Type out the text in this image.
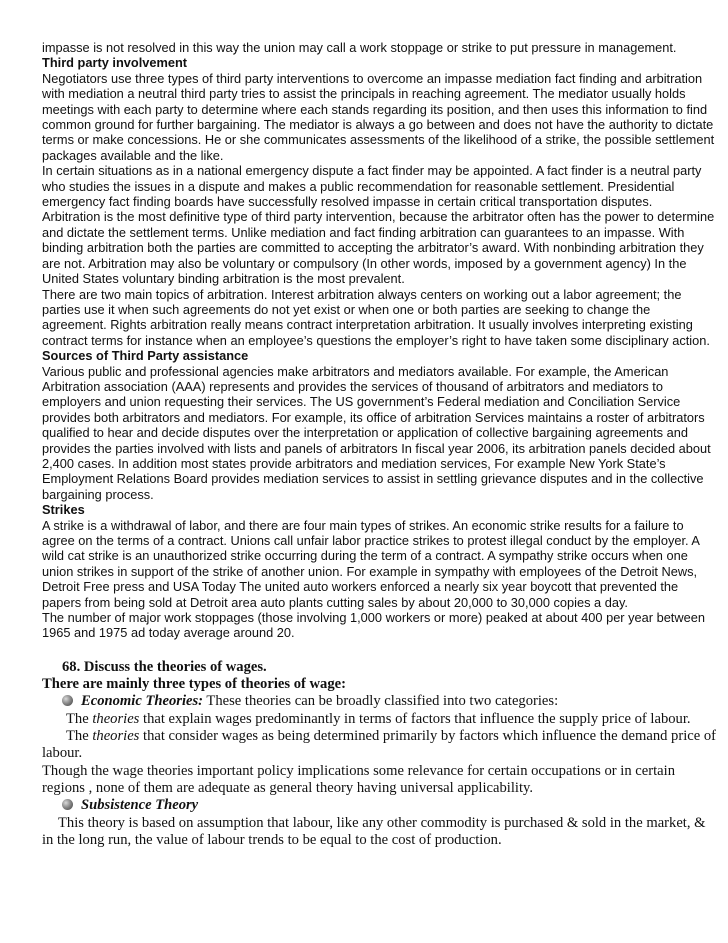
impasse is not resolved in this way the union may call a work stoppage or strike to put pressure in management.

Third party involvement

Negotiators use three types of third party interventions to overcome an impasse mediation fact finding and arbitration with mediation a neutral third party tries to assist the principals in reaching agreement. The mediator usually holds meetings with each party to determine where each stands regarding its position, and then uses this information to find common ground for further bargaining. The mediator is always a go between and does not have the authority to dictate terms or make concessions. He or she communicates assessments of the likelihood of a strike, the possible settlement packages available and the like.

In certain situations as in a national emergency dispute a fact finder may be appointed. A fact finder is a neutral party who studies the issues in a dispute and makes a public recommendation for reasonable settlement. Presidential emergency fact finding boards have successfully resolved impasse in certain critical transportation disputes.

Arbitration is the most definitive type of third party intervention, because the arbitrator often has the power to determine and dictate the settlement terms. Unlike mediation and fact finding arbitration can guarantees to an impasse. With binding arbitration both the parties are committed to accepting the arbitrator’s award. With nonbinding arbitration they are not. Arbitration may also be voluntary or compulsory (In other words, imposed by a government agency) In the United States voluntary binding arbitration is the most prevalent.

There are two main topics of arbitration. Interest arbitration always centers on working out a labor agreement; the parties use it when such agreements do not yet exist or when one or both parties are seeking to change the agreement. Rights arbitration really means contract interpretation arbitration. It usually involves interpreting existing contract terms for instance when an employee’s questions the employer’s right to have taken some disciplinary action.

Sources of Third Party assistance

Various public and professional agencies make arbitrators and mediators available. For example, the American Arbitration association (AAA) represents and provides the services of thousand of arbitrators and mediators to employers and union requesting their services. The US government’s Federal mediation and Conciliation Service provides both arbitrators and mediators. For example, its office of arbitration Services maintains a roster of arbitrators qualified to hear and decide disputes over the interpretation or application of collective bargaining agreements and provides the parties involved with lists and panels of arbitrators In fiscal year 2006, its arbitration panels decided about 2,400 cases. In addition most states provide arbitrators and mediation services, For example New York State’s Employment Relations Board provides mediation services to assist in settling grievance disputes and in the collective bargaining process.

Strikes

A strike is a withdrawal of labor, and there are four main types of strikes. An economic strike results for a failure to agree on the terms of a contract. Unions call unfair labor practice strikes to protest illegal conduct by the employer. A wild cat strike is an unauthorized strike occurring during the term of a contract. A sympathy strike occurs when one union strikes in support of the strike of another union. For example in sympathy with employees of the Detroit News, Detroit Free press and USA Today The united auto workers enforced a nearly six year boycott that prevented the papers from being sold at Detroit area auto plants cutting sales by about 20,000 to 30,000 copies a day.

The number of major work stoppages (those involving 1,000 workers or more) peaked at about 400 per year between 1965 and 1975 ad today average around 20.

68. Discuss the theories of wages.

There are mainly three types of theories of wage:

Economic Theories: These theories can be broadly classified into two categories:

The theories that explain wages predominantly in terms of factors that influence the supply price of labour.

The theories that consider wages as being determined primarily by factors which influence the demand price of labour.

Though the wage theories important policy implications some relevance for certain occupations or in certain regions , none of them are adequate as general theory having universal applicability.

Subsistence Theory

This theory is based on assumption that labour, like any other commodity is purchased & sold in the market, & in the long run, the value of labour trends to be equal to the cost of production.
